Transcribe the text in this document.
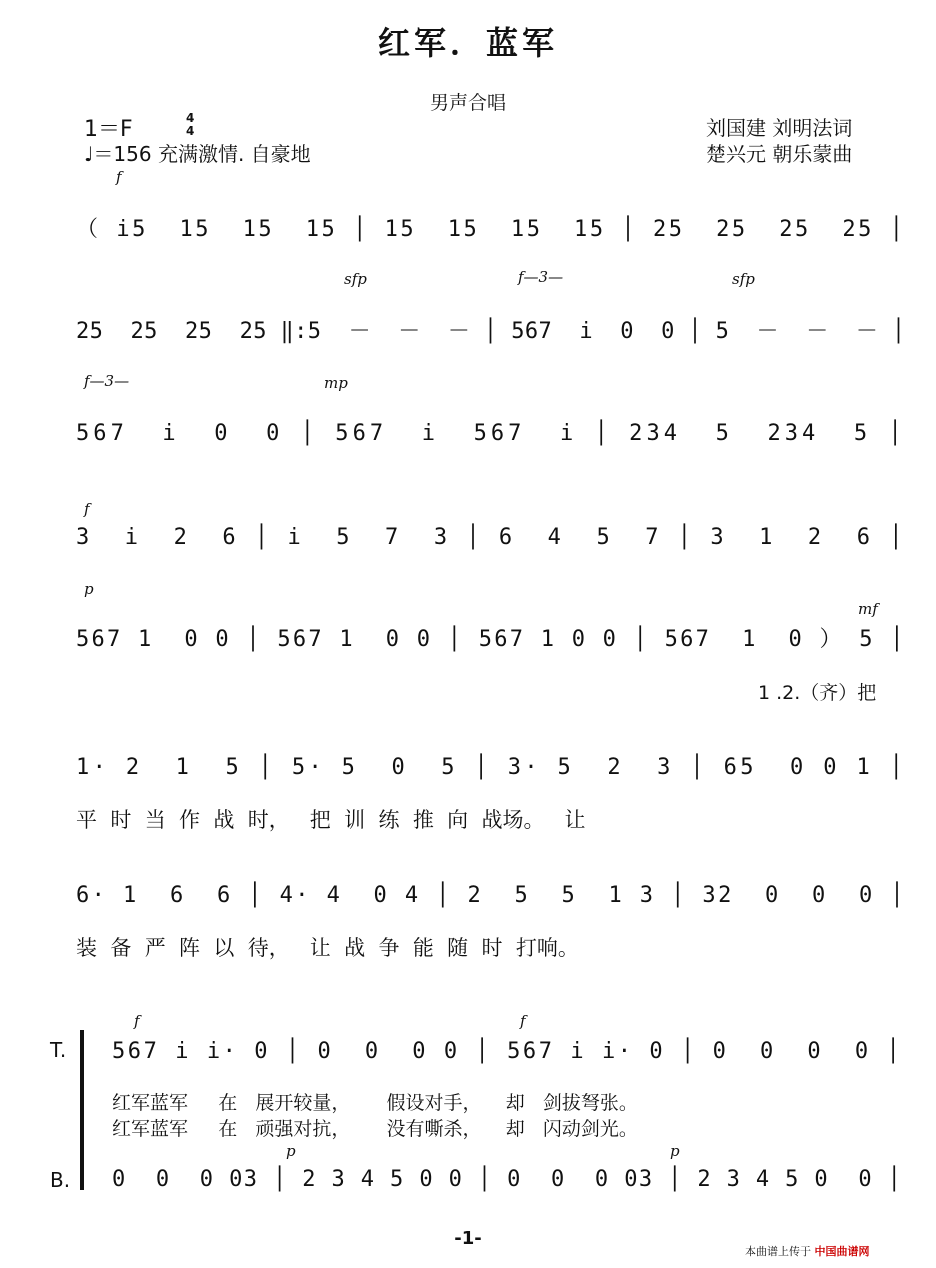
红军．蓝军
男声合唱
1＝F	4
4
♩＝156 充满激情. 自豪地
刘国建 刘明法词
楚兴元 朝乐蒙曲
f
（ i5  15  15  15 │ 15  15  15  15 │ 25  25  25  25 │
sfp	f—3—	sfp
25  25  25  25 ‖:5  －  －  － │ 567  i  0  0 │ 5  －  －  － │
f—3—	mp
567  i  0  0 │ 567  i  567  i │ 234  5  234  5 │
f
3  i  2  6 │ i  5  7  3 │ 6  4  5  7 │ 3  1  2  6 │
p
mf
567 1  0 0 │ 567 1  0 0 │ 567 1 0 0 │ 567  1  0 ） 5 │
1 .2.（齐）把
1· 2  1  5 │ 5· 5  0  5 │ 3· 5  2  3 │ 65  0 0 1 │
平  时  当  作  战  时，   把  训  练  推  向  战场。   让
6· 1  6  6 │ 4· 4  0 4 │ 2  5  5  1 3 │ 32  0  0  0 │
装  备  严  阵  以  待，   让  战  争  能  随  时  打响。
f	f
T. 567 i i· 0 │ 0  0  0 0 │ 567 i i· 0 │ 0  0  0  0 │
红军蓝军     在   展开较量，      假设对手，    却   剑拔弩张。
红军蓝军     在   顽强对抗，      没有嘶杀，    却   闪动剑光。
p	p
B. 0  0  0 03 │ 2 3 4 5 0 0 │ 0  0  0 03 │ 2 3 4 5 0  0 │
-1-
本曲谱上传于 中国曲谱网
